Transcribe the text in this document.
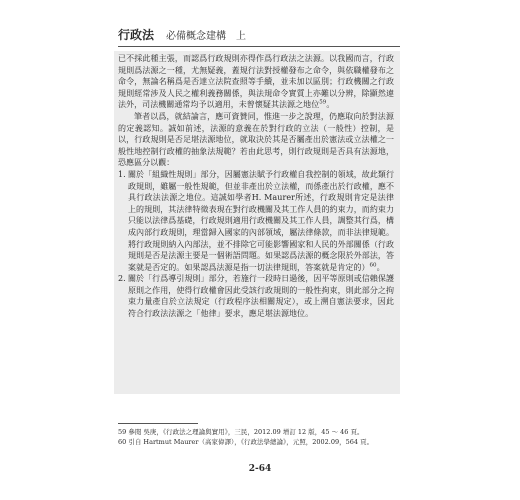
行政法 必備概念建構 上

已不採此種主張，而認爲行政規則亦得作爲行政法之法源。以我國而言，行政規則爲法源之一種，尤無疑義，蓋規行法對授權發布之命令，與依職權發布之命令，無論名稱爲是否達立法院查照等手續，並未加以區別；行政機關之行政規則經常涉及人民之權利義務關係，與法規命令實質上亦難以分辨，除顯然違法外，司法機關通常均予以適用，未曾懷疑其法源之地位$^{59}$。

筆者以爲，就結論言，應可資贊同，惟進一步之說理，仍應取向於對法源的定義認知。誠如前述，法源的意義在於對行政的立法（一般性）控制，是以，行政規則是否足堪法源地位，就取決於其是否屬產出於憲法或立法權之一般性地控制行政權的抽象法規範？若由此思考，則行政規則是否具有法源地，恐應區分以觀：

1. 關於「組織性規則」部分，因屬憲法賦予行政權自我控制的領域，故此類行政規則，雖屬一般性規範，但並非產出於立法權，而係產出於行政權，應不具行政法法源之地位。這誠如學者H. Maurer所述，行政規則肯定是法律上的規則，其法律特徵表現在對行政機關及其工作人員的約束力，而約束力只能以法律爲基礎，行政規則適用行政機關及其工作人員，調整其行爲，構成內部行政規則，理當歸入國家的內部領域，屬法律條款，而非法律規範。將行政規則納入內部法，並不排除它可能影響國家和人民的外部關係（行政規則是否是法源主要是一個術語問題。如果認爲法源的概念限於外部法，答案就是否定的。如果認爲法源是指一切法律規則，答案就是肯定的）$^{60}$。
2. 關於「行爲導引規則」部分，若施行一段時日過後，因平等原則或信賴保護原則之作用，使得行政權會因此受該行政規則的一般性拘束，則此部分之拘束力量產自於立法規定（行政程序法相關規定），或上溯自憲法要求，因此符合行政法法源之「他律」要求，應足堪法源地位。

59 參閱 吳庚，《行政法之理論與實用》，三民，2012.09 增訂 12 版，45 ～ 46 頁。

60 引自 Hartmut Maurer（高家偉譯），《行政法學總論》，元照，2002.09，564 頁。

2-64
